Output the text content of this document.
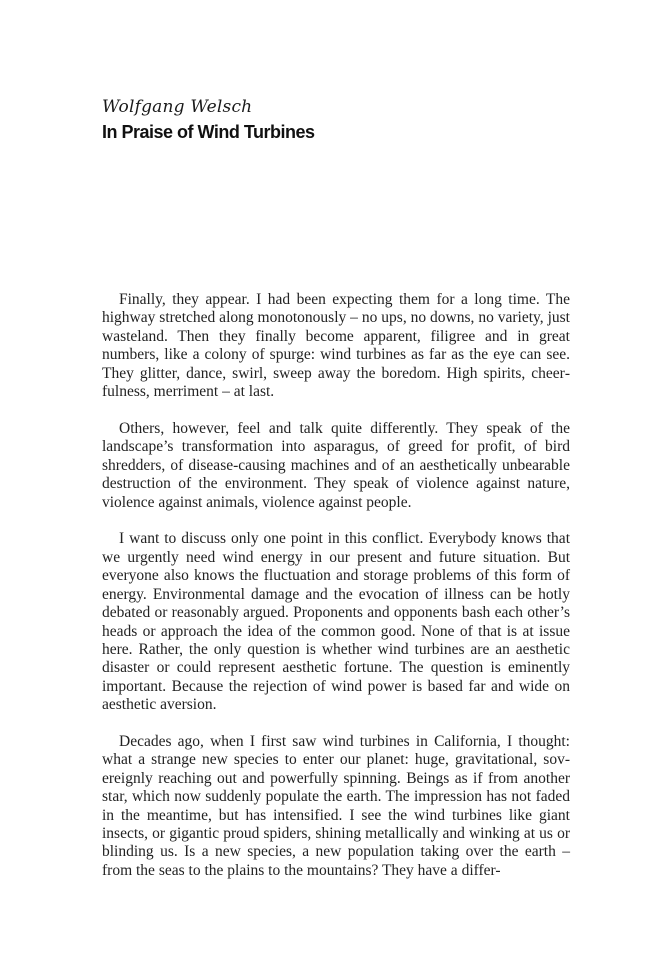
Wolfgang Welsch
In Praise of Wind Turbines

Finally, they appear. I had been expecting them for a long time. The highway stretched along monotonously – no ups, no downs, no variety, just wasteland. Then they finally become apparent, filigree and in great numbers, like a colony of spurge: wind turbines as far as the eye can see. They glitter, dance, swirl, sweep away the boredom. High spirits, cheerfulness, merriment – at last.

Others, however, feel and talk quite differently. They speak of the landscape’s transformation into asparagus, of greed for profit, of bird shredders, of disease-causing machines and of an aesthetically unbearable destruction of the environment. They speak of violence against nature, violence against animals, violence against people.

I want to discuss only one point in this conflict. Everybody knows that we urgently need wind energy in our present and future situation. But everyone also knows the fluctuation and storage problems of this form of energy. Environmental damage and the evocation of illness can be hotly debated or reasonably argued. Proponents and opponents bash each other’s heads or approach the idea of the common good. None of that is at issue here. Rather, the only question is whether wind turbines are an aesthetic disaster or could represent aesthetic fortune. The question is eminently important. Because the rejection of wind power is based far and wide on aesthetic aversion.

Decades ago, when I first saw wind turbines in California, I thought: what a strange new species to enter our planet: huge, gravitational, sovereignly reaching out and powerfully spinning. Beings as if from another star, which now suddenly populate the earth. The impression has not faded in the meantime, but has intensified. I see the wind turbines like giant insects, or gigantic proud spiders, shining metallically and winking at us or blinding us. Is a new species, a new population taking over the earth – from the seas to the plains to the mountains? They have a differ-
